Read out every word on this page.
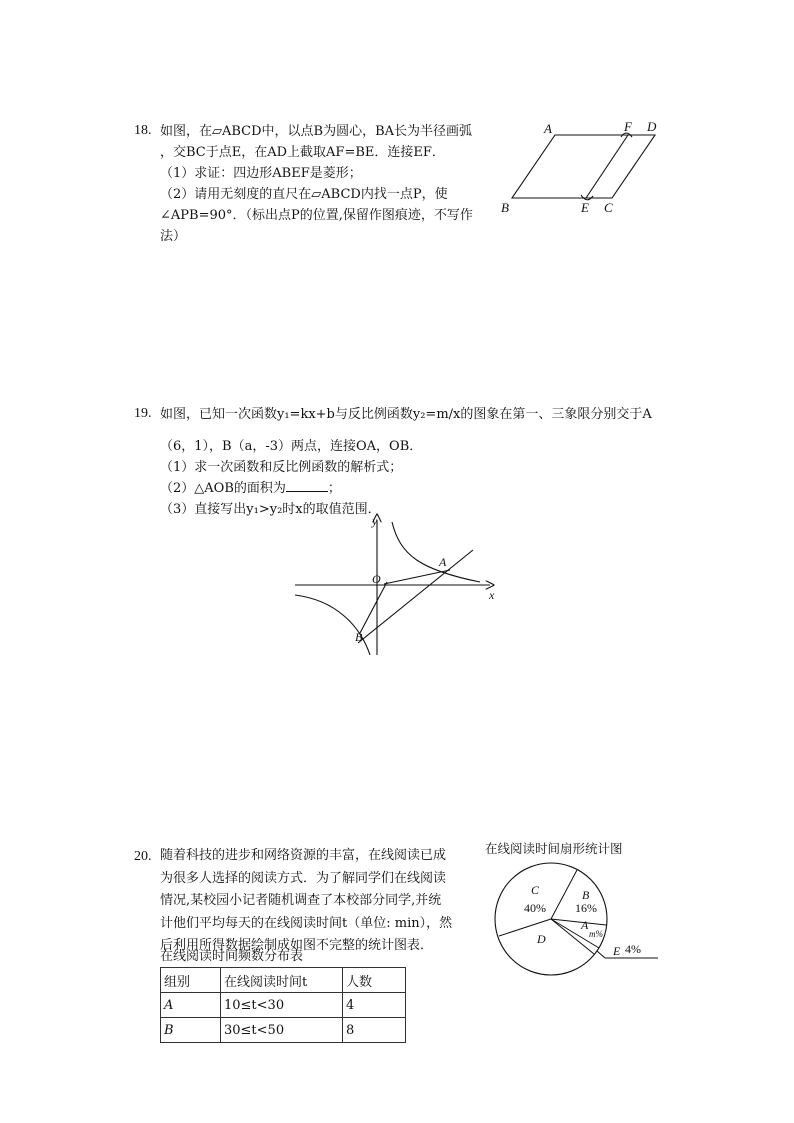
18. 如图，在▱ABCD中，以点B为圆心，BA长为半径画弧
，交BC于点E，在AD上截取AF=BE．连接EF．
（1）求证：四边形ABEF是菱形；
（2）请用无刻度的直尺在▱ABCD内找一点P，使
∠APB=90°．（标出点P的位置,保留作图痕迹，不写作
法）
A	F D
B	E C
19. 如图，已知一次函数y₁=kx+b与反比例函数y₂=m/x的图象在第一、三象限分别交于A
（6，1），B（a，-3）两点，连接OA，OB．
（1）求一次函数和反比例函数的解析式；
（2）△AOB的面积为	；
（3）直接写出y₁>y₂时x的取值范围．
y
x
O
A
B
20. 随着科技的进步和网络资源的丰富，在线阅读已成
为很多人选择的阅读方式．为了解同学们在线阅读
情况,某校园小记者随机调查了本校部分同学,并统
计他们平均每天的在线阅读时间t（单位: min），然
后利用所得数据绘制成如图不完整的统计图表．
在线阅读时间频数分布表
组别	在线阅读时间t	人数
A	10≤t<30	4
B	30≤t<50	8
在线阅读时间扇形统计图
C
40%
B
16%
A
m%
E 4%
D
